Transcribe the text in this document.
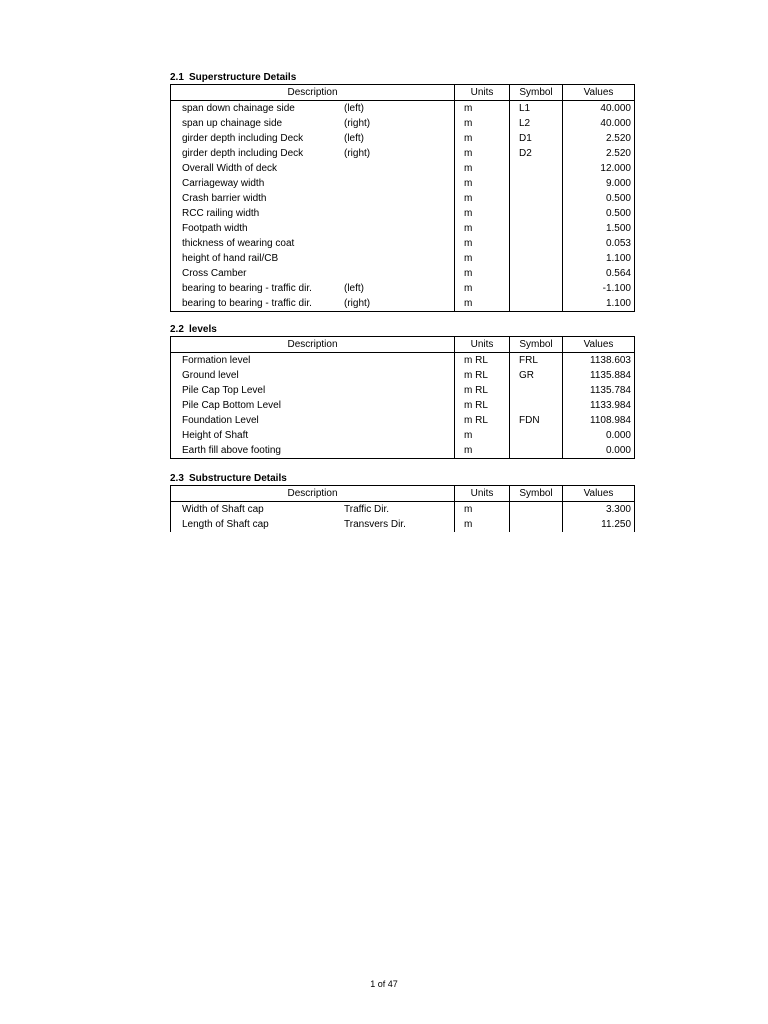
2.1 Superstructure Details
Description	Units	Symbol	Values
span down chainage side (left)	m	L1	40.000
span up chainage side (right)	m	L2	40.000
girder depth including Deck (left)	m	D1	2.520
girder depth including Deck (right)	m	D2	2.520
Overall Width of deck	m		12.000
Carriageway width	m		9.000
Crash barrier width	m		0.500
RCC railing width	m		0.500
Footpath width	m		1.500
thickness of wearing coat	m		0.053
height of hand rail/CB	m		1.100
Cross Camber	m		0.564
bearing to bearing - traffic dir. (left)	m		-1.100
bearing to bearing - traffic dir. (right)	m		1.100
2.2 levels
Description	Units	Symbol	Values
Formation level	m RL	FRL	1138.603
Ground level	m RL	GR	1135.884
Pile Cap Top Level	m RL		1135.784
Pile Cap Bottom Level	m RL		1133.984
Foundation Level	m RL	FDN	1108.984
Height of Shaft	m		0.000
Earth fill above footing	m		0.000
2.3 Substructure Details
Description	Units	Symbol	Values
Width of Shaft cap Traffic Dir.	m		3.300
Length of Shaft cap Transvers Dir.	m		11.250
1 of 47
